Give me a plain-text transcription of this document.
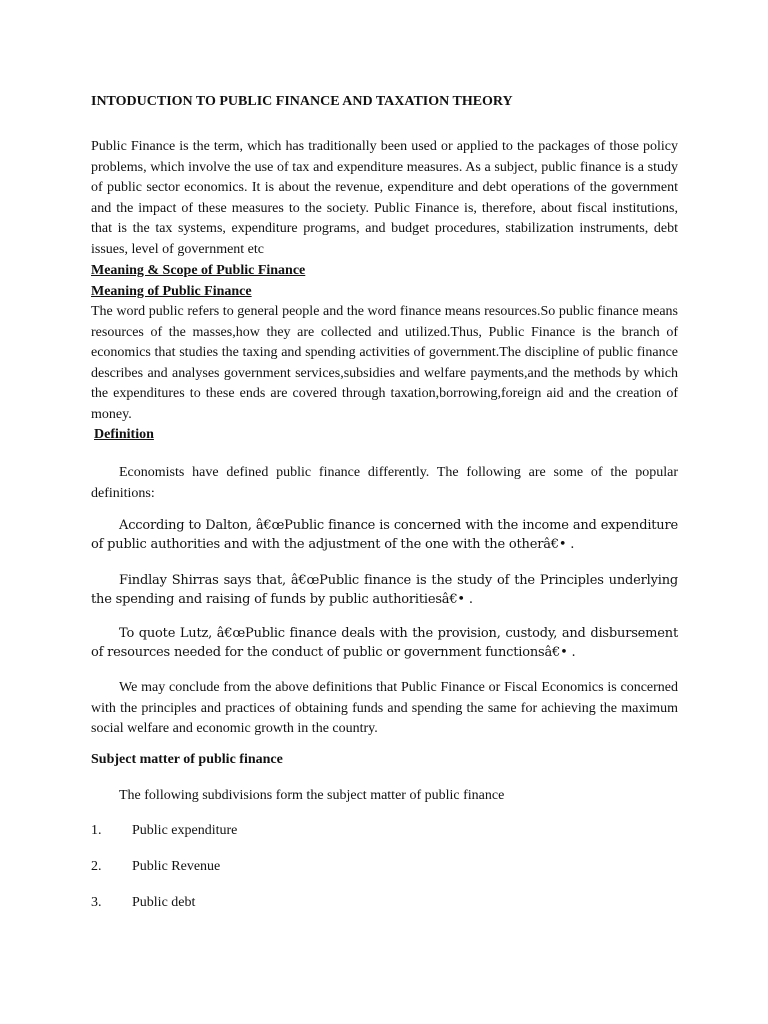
INTODUCTION TO PUBLIC FINANCE AND TAXATION THEORY
Public Finance is the term, which has traditionally been used or applied to the packages of those policy problems, which involve the use of tax and expenditure measures. As a subject, public finance is a study of public sector economics. It is about the revenue, expenditure and debt operations of the government and the impact of these measures to the society. Public Finance is, therefore, about fiscal institutions, that is the tax systems, expenditure programs, and budget procedures, stabilization instruments, debt issues, level of government etc
Meaning & Scope of Public Finance
Meaning of Public Finance
The word public refers to general people and the word finance means resources.So public finance means resources of the masses,how they are collected and utilized.Thus, Public Finance is the branch of economics that studies the taxing and spending activities of government.The discipline of public finance describes and analyses government services,subsidies and welfare payments,and the methods by which the expenditures to these ends are covered through taxation,borrowing,foreign aid and the creation of money.
Definition
Economists have defined public finance differently. The following are some of the popular definitions:
According to Dalton, â€œPublic finance is concerned with the income and expenditure of public authorities and with the adjustment of the one with the otherâ€• .
Findlay Shirras says that, â€œPublic finance is the study of the Principles underlying the spending and raising of funds by public authoritiesâ€• .
To quote Lutz, â€œPublic finance deals with the provision, custody, and disbursement of resources needed for the conduct of public or government functionsâ€• .
We may conclude from the above definitions that Public Finance or Fiscal Economics is concerned with the principles and practices of obtaining funds and spending the same for achieving the maximum social welfare and economic growth in the country.
Subject matter of public finance
The following subdivisions form the subject matter of public finance
1. Public expenditure
2. Public Revenue
3. Public debt
